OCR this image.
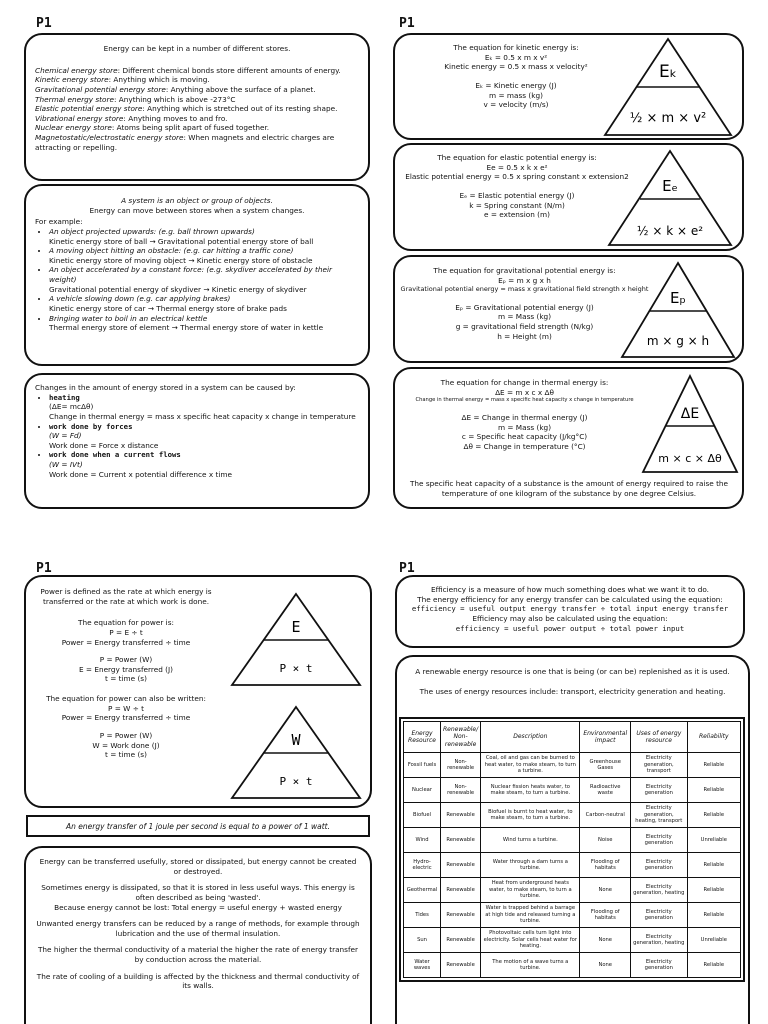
P1	P1
P1	P1
Energy can be kept in a number of different stores.
Chemical energy store: Different chemical bonds store different amounts of energy.
Kinetic energy store: Anything which is moving.
Gravitational potential energy store: Anything above the surface of a planet.
Thermal energy store: Anything which is above -273°C
Elastic potential energy store: Anything which is stretched out of its resting shape.
Vibrational energy store: Anything moves to and fro.
Nuclear energy store: Atoms being split apart of fused together.
Magnetostatic/electrostatic energy store: When magnets and electric charges are attracting or repelling.
A system is an object or group of objects.
Energy can move between stores when a system changes.
For example:
• An object projected upwards: (e.g. ball thrown upwards)
Kinetic energy store of ball → Gravitational potential energy store of ball
• A moving object hitting an obstacle: (e.g. car hitting a traffic cone)
Kinetic energy store of moving object → Kinetic energy store of obstacle
• An object accelerated by a constant force: (e.g. skydiver accelerated by their weight)
Gravitational potential energy of skydiver → Kinetic energy of skydiver
• A vehicle slowing down (e.g. car applying brakes)
Kinetic energy store of car → Thermal energy store of brake pads
• Bringing water to boil in an electrical kettle
Thermal energy store of element → Thermal energy store of water in kettle
Changes in the amount of energy stored in a system can be caused by:
• heating
(ΔE= mcΔθ)
Change in thermal energy = mass x specific heat capacity x change in temperature
• work done by forces
(W = Fd)
Work done = Force x distance
• work done when a current flows
(W = IVt)
Work done = Current x potential difference x time
The equation for kinetic energy is:
Eₖ = 0.5 x m x v²
Kinetic energy = 0.5 x mass x velocity²
Eₖ = Kinetic energy (J)
m = mass (kg)
v = velocity (m/s)
Eₖ
½ × m × v²
The equation for elastic potential energy is:
Ee = 0.5 x k x e²
Elastic potential energy = 0.5 x spring constant x extension2
Eₑ = Elastic potential energy (J)
k = Spring constant (N/m)
e = extension (m)
Eₑ
½ × k × e²
The equation for gravitational potential energy is:
Eₚ = m x g x h
Gravitational potential energy = mass x gravitational field strength x height
Eₚ = Gravitational potential energy (J)
m = Mass (kg)
g = gravitational field strength (N/kg)
h = Height (m)
Eₚ
m × g × h
The equation for change in thermal energy is:
ΔE = m x c x Δθ
Change in thermal energy = mass x specific heat capacity x change in temperature
ΔE = Change in thermal energy (J)
m = Mass (kg)
c = Specific heat capacity (J/kg°C)
Δθ = Change in temperature (°C)
ΔE
m × c × Δθ
The specific heat capacity of a substance is the amount of energy required to raise the temperature of one kilogram of the substance by one degree Celsius.
Power is defined as the rate at which energy is transferred or the rate at which work is done.
The equation for power is:
P = E ÷ t
Power = Energy transferred ÷ time
P = Power (W)
E = Energy transferred (J)
t = time (s)
The equation for power can also be written:
P = W ÷ t
Power = Energy transferred ÷ time
P = Power (W)
W = Work done (J)
t = time (s)
E
P × t
W
P × t
An energy transfer of 1 joule per second is equal to a power of 1 watt.
Energy can be transferred usefully, stored or dissipated, but energy cannot be created or destroyed.
Sometimes energy is dissipated, so that it is stored in less useful ways. This energy is often described as being 'wasted'.
Because energy cannot be lost: Total energy = useful energy + wasted energy
Unwanted energy transfers can be reduced by a range of methods, for example through lubrication and the use of thermal insulation.
The higher the thermal conductivity of a material the higher the rate of energy transfer by conduction across the material.
The rate of cooling of a building is affected by the thickness and thermal conductivity of its walls.
Efficiency is a measure of how much something does what we want it to do.
The energy efficiency for any energy transfer can be calculated using the equation:
efficiency = useful output energy transfer ÷ total input energy transfer
Efficiency may also be calculated using the equation:
efficiency = useful power output ÷ total power input
A renewable energy resource is one that is being (or can be) replenished as it is used.
The uses of energy resources include: transport, electricity generation and heating.
Energy Resource	Renewable/ Non-renewable	Description	Environmental impact	Uses of energy resource	Reliability
Fossil fuels	Non-renewable	Coal, oil and gas can be burned to heat water, to make steam, to turn a turbine.	Greenhouse Gases	Electricity generation, transport	Reliable
Nuclear	Non-renewable	Nuclear fission heats water, to make steam, to turn a turbine.	Radioactive waste	Electricity generation	Reliable
Biofuel	Renewable	Biofuel is burnt to heat water, to make steam, to turn a turbine.	Carbon-neutral	Electricity generation, heating, transport	Reliable
Wind	Renewable	Wind turns a turbine.	Noise	Electricity generation	Unreliable
Hydro-electric	Renewable	Water through a dam turns a turbine.	Flooding of habitats	Electricity generation	Reliable
Geothermal	Renewable	Heat from underground heats water, to make steam, to turn a turbine.	None	Electricity generation, heating	Reliable
Tides	Renewable	Water is trapped behind a barrage at high tide and released turning a turbine.	Flooding of habitats	Electricity generation	Reliable
Sun	Renewable	Photovoltaic cells turn light into electricity. Solar cells heat water for heating.	None	Electricity generation, heating	Unreliable
Water waves	Renewable	The motion of a wave turns a turbine.	None	Electricity generation	Reliable
